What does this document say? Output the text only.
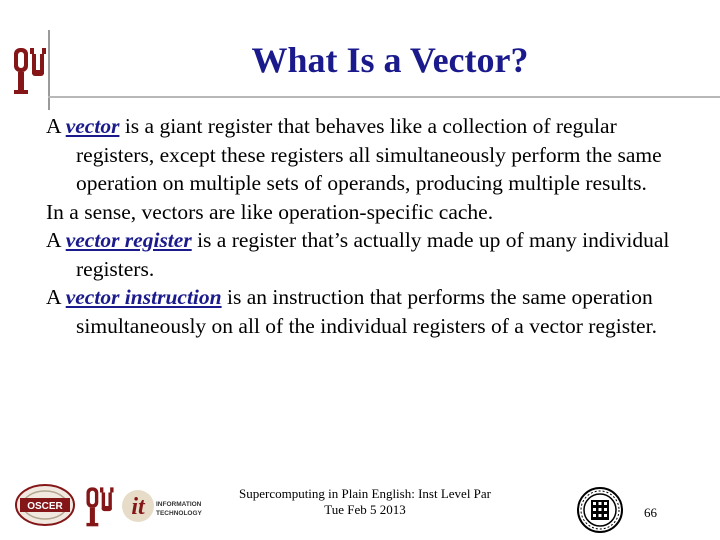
What Is a Vector?
A vector is a giant register that behaves like a collection of regular registers, except these registers all simultaneously perform the same operation on multiple sets of operands, producing multiple results.
In a sense, vectors are like operation-specific cache.
A vector register is a register that’s actually made up of many individual registers.
A vector instruction is an instruction that performs the same operation simultaneously on all of the individual registers of a vector register.
OSCER	it INFORMATION
TECHNOLOGY
Supercomputing in Plain English: Inst Level Par
Tue Feb 5 2013	66
